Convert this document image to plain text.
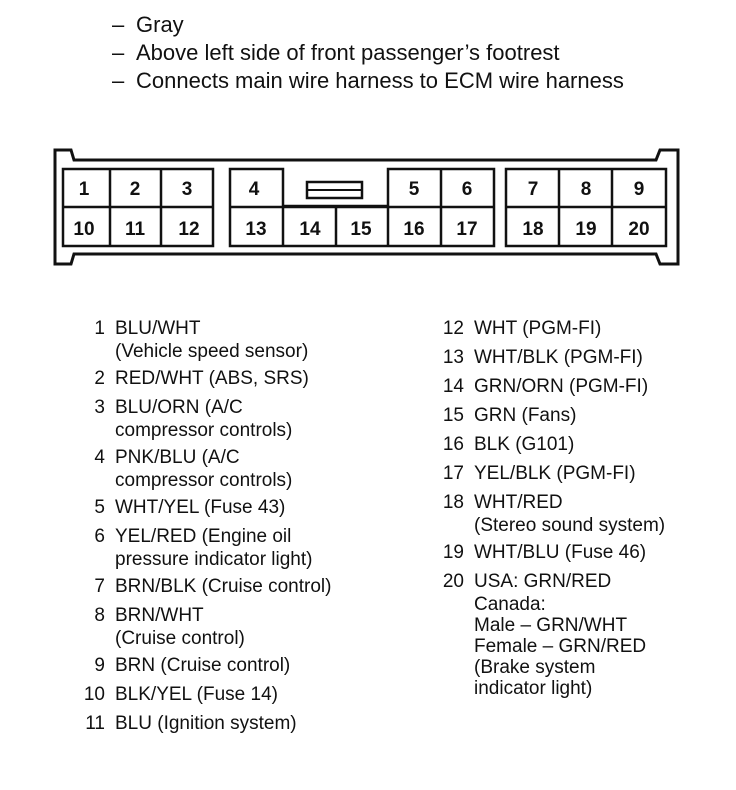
– Gray
– Above left side of front passenger’s footrest
– Connects main wire harness to ECM wire harness
1 2 3	4	5 6	7 8 9
10 11 12 13 14 15 16 17 18 19 20
1 BLU/WHT
(Vehicle speed sensor)
2 RED/WHT (ABS, SRS)
3 BLU/ORN (A/C
compressor controls)
4 PNK/BLU (A/C
compressor controls)
5 WHT/YEL (Fuse 43)
6 YEL/RED (Engine oil
pressure indicator light)
7 BRN/BLK (Cruise control)
8 BRN/WHT
(Cruise control)
9 BRN (Cruise control)
10 BLK/YEL (Fuse 14)
11 BLU (Ignition system)
12 WHT (PGM-FI)
13 WHT/BLK (PGM-FI)
14 GRN/ORN (PGM-FI)
15 GRN (Fans)
16 BLK (G101)
17 YEL/BLK (PGM-FI)
18 WHT/RED
(Stereo sound system)
19 WHT/BLU (Fuse 46)
20 USA: GRN/RED
Canada:
Male – GRN/WHT
Female – GRN/RED
(Brake system
indicator light)
